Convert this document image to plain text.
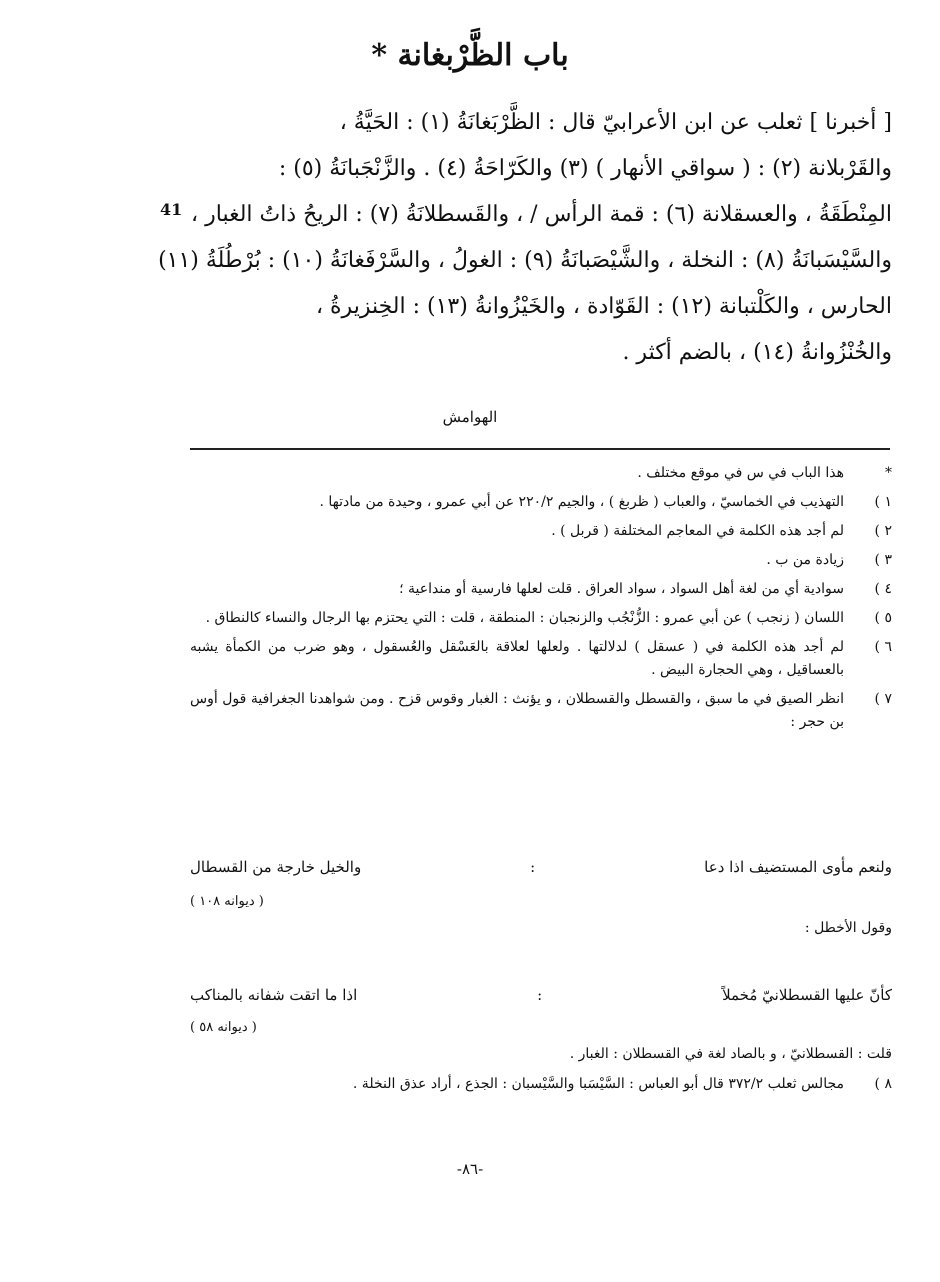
باب الظَّرْبغانة *
41
[ أخبرنا ] ثعلب عن ابن الأعرابيّ قال : الظَّرْبَغانَةُ (١) : الحَيَّةُ ،
والقَرْبلانة (٢) : ( سواقي الأنهار ) (٣) والكَرّاحَةُ (٤) . والزَّنْجَبانَةُ (٥) :
المِنْطَقَةُ ، والعسقلانة (٦) : قمة الرأس / ، والقَسطلانَةُ (٧) : الريحُ ذاتُ الغبار ،
والسَّيْسَبانَةُ (٨) : النخلة ، والشَّيْصَبانَةُ (٩) : الغولُ ، والسَّرْفَغانَةُ (١٠) : بُرْطُلَةُ (١١)
الحارس ، والكَلْتبانة (١٢) : القَوّادة ، والخَيْزُوانةُ (١٣) : الخِنزيرةُ ،
والخُنْزُوانةُ (١٤) ، بالضم أكثر .
الهوامش
*
هذا الباب في س في موقع مختلف .
١ )
التهذيب في الخماسيّ ، والعباب ( ظربغ ) ، والجيم ٢٢٠/٢ عن أبي عمرو ، وحيدة من مادتها .
٢ )
لم أجد هذه الكلمة في المعاجم المختلفة ( قربل ) .
٣ )
زيادة من ب .
٤ )
سوادية أي من لغة أهل السواد ، سواد العراق . قلت لعلها فارسية أو منداعية ؛
٥ )
اللسان ( زنجب ) عن أبي عمرو : الزُّنْجُب والزنجبان : المنطقة ، قلت : التي يحتزم بها الرجال والنساء كالنطاق .
٦ )
لم أجد هذه الكلمة في ( عسقل ) لدلالتها . ولعلها لعلاقة بالعَسْقل والعُسقول ، وهو ضرب من الكمأة يشبه بالعساقيل ، وهي الحجارة البيض .
٧ )
انظر الصيق في ما سبق ، والقسطل والقسطلان ، و يؤنث : الغبار وقوس قزح . ومن شواهدنا الجغرافية قول أوس بن حجر :
ولنعم مأوى المستضيف اذا دعا
:
والخيل خارجة من القسطال
( ديوانه ١٠٨ )
وقول الأخطل :
كأنّ عليها القسطلانيّ مُخملاً
:
اذا ما اتقت شفانه بالمناكب
( ديوانه ٥٨ )
قلت : القسطلانيّ ، و بالصاد لغة في القسطلان : الغبار .
٨ )
مجالس ثعلب ٣٧٢/٢ قال أبو العباس : السَّيْسَبا والسَّيْسبان : الجذع ، أراد عذق النخلة .
-٨٦-
